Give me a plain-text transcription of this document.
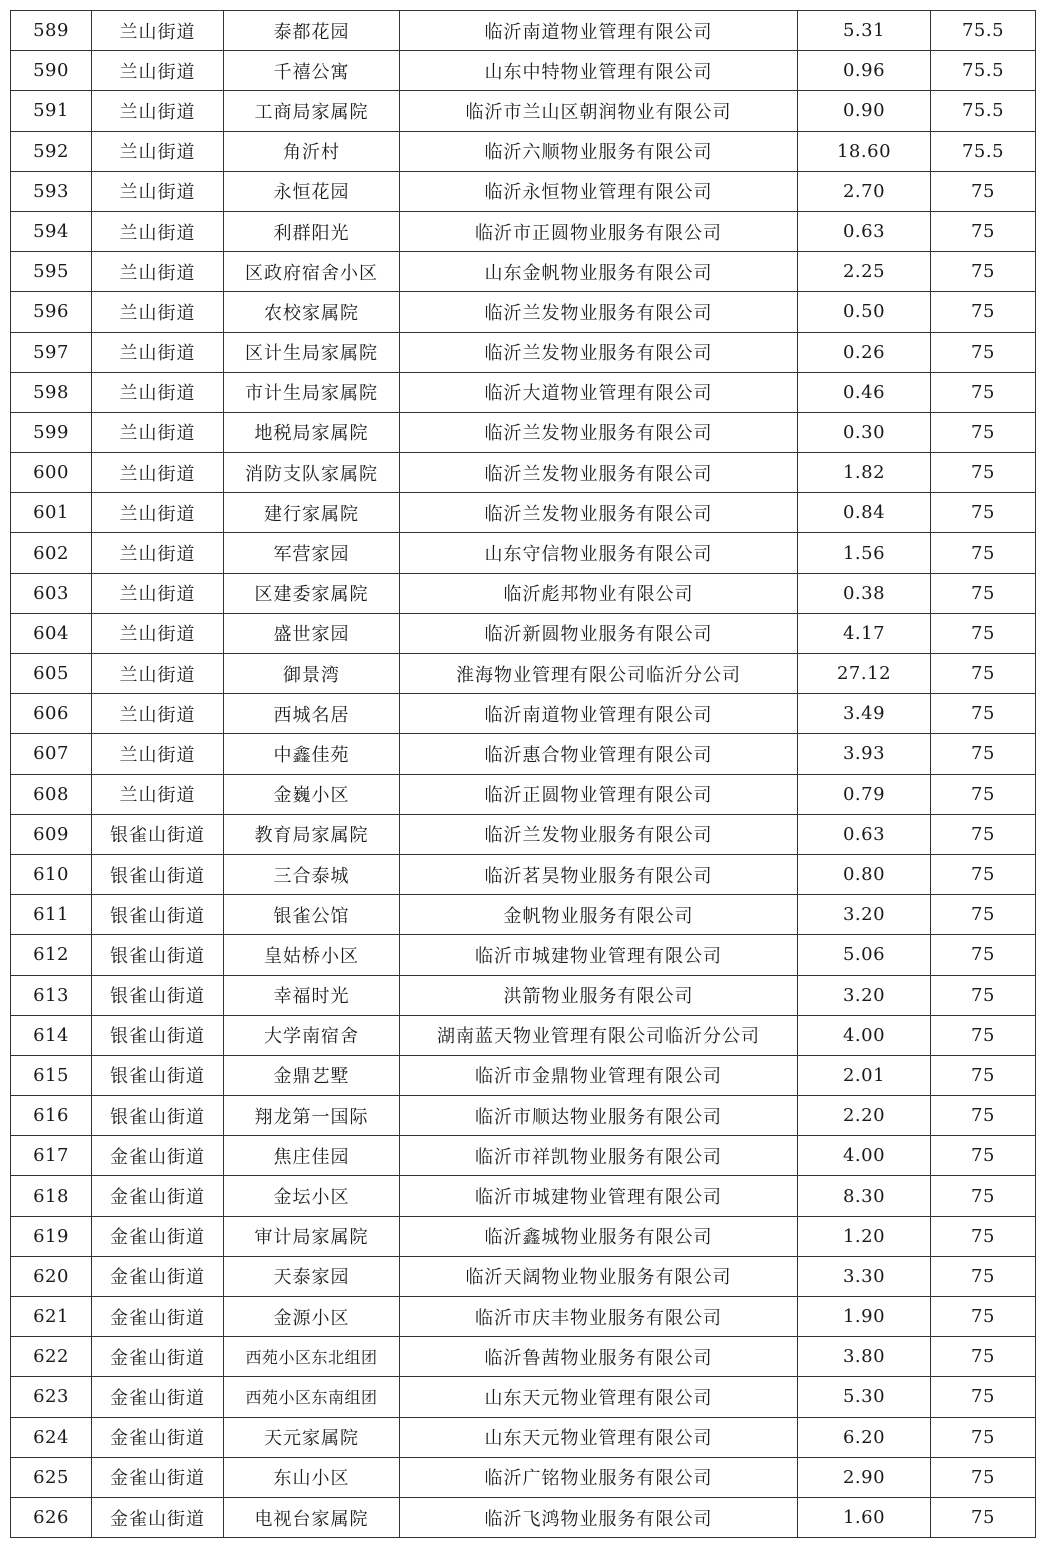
589	兰山街道	泰都花园	临沂南道物业管理有限公司	5.31	75.5
590	兰山街道	千禧公寓	山东中特物业管理有限公司	0.96	75.5
591	兰山街道	工商局家属院	临沂市兰山区朝润物业有限公司	0.90	75.5
592	兰山街道	角沂村	临沂六顺物业服务有限公司	18.60	75.5
593	兰山街道	永恒花园	临沂永恒物业管理有限公司	2.70	75
594	兰山街道	利群阳光	临沂市正圆物业服务有限公司	0.63	75
595	兰山街道	区政府宿舍小区	山东金帆物业服务有限公司	2.25	75
596	兰山街道	农校家属院	临沂兰发物业服务有限公司	0.50	75
597	兰山街道	区计生局家属院	临沂兰发物业服务有限公司	0.26	75
598	兰山街道	市计生局家属院	临沂大道物业管理有限公司	0.46	75
599	兰山街道	地税局家属院	临沂兰发物业服务有限公司	0.30	75
600	兰山街道	消防支队家属院	临沂兰发物业服务有限公司	1.82	75
601	兰山街道	建行家属院	临沂兰发物业服务有限公司	0.84	75
602	兰山街道	军营家园	山东守信物业服务有限公司	1.56	75
603	兰山街道	区建委家属院	临沂彪邦物业有限公司	0.38	75
604	兰山街道	盛世家园	临沂新圆物业服务有限公司	4.17	75
605	兰山街道	御景湾	淮海物业管理有限公司临沂分公司	27.12	75
606	兰山街道	西城名居	临沂南道物业管理有限公司	3.49	75
607	兰山街道	中鑫佳苑	临沂惠合物业管理有限公司	3.93	75
608	兰山街道	金巍小区	临沂正圆物业管理有限公司	0.79	75
609	银雀山街道	教育局家属院	临沂兰发物业服务有限公司	0.63	75
610	银雀山街道	三合泰城	临沂茗昊物业服务有限公司	0.80	75
611	银雀山街道	银雀公馆	金帆物业服务有限公司	3.20	75
612	银雀山街道	皇姑桥小区	临沂市城建物业管理有限公司	5.06	75
613	银雀山街道	幸福时光	洪箭物业服务有限公司	3.20	75
614	银雀山街道	大学南宿舍	湖南蓝天物业管理有限公司临沂分公司	4.00	75
615	银雀山街道	金鼎艺墅	临沂市金鼎物业管理有限公司	2.01	75
616	银雀山街道	翔龙第一国际	临沂市顺达物业服务有限公司	2.20	75
617	金雀山街道	焦庄佳园	临沂市祥凯物业服务有限公司	4.00	75
618	金雀山街道	金坛小区	临沂市城建物业管理有限公司	8.30	75
619	金雀山街道	审计局家属院	临沂鑫城物业服务有限公司	1.20	75
620	金雀山街道	天泰家园	临沂天阔物业物业服务有限公司	3.30	75
621	金雀山街道	金源小区	临沂市庆丰物业服务有限公司	1.90	75
622	金雀山街道	西苑小区东北组团	临沂鲁茜物业服务有限公司	3.80	75
623	金雀山街道	西苑小区东南组团	山东天元物业管理有限公司	5.30	75
624	金雀山街道	天元家属院	山东天元物业管理有限公司	6.20	75
625	金雀山街道	东山小区	临沂广铭物业服务有限公司	2.90	75
626	金雀山街道	电视台家属院	临沂飞鸿物业服务有限公司	1.60	75
